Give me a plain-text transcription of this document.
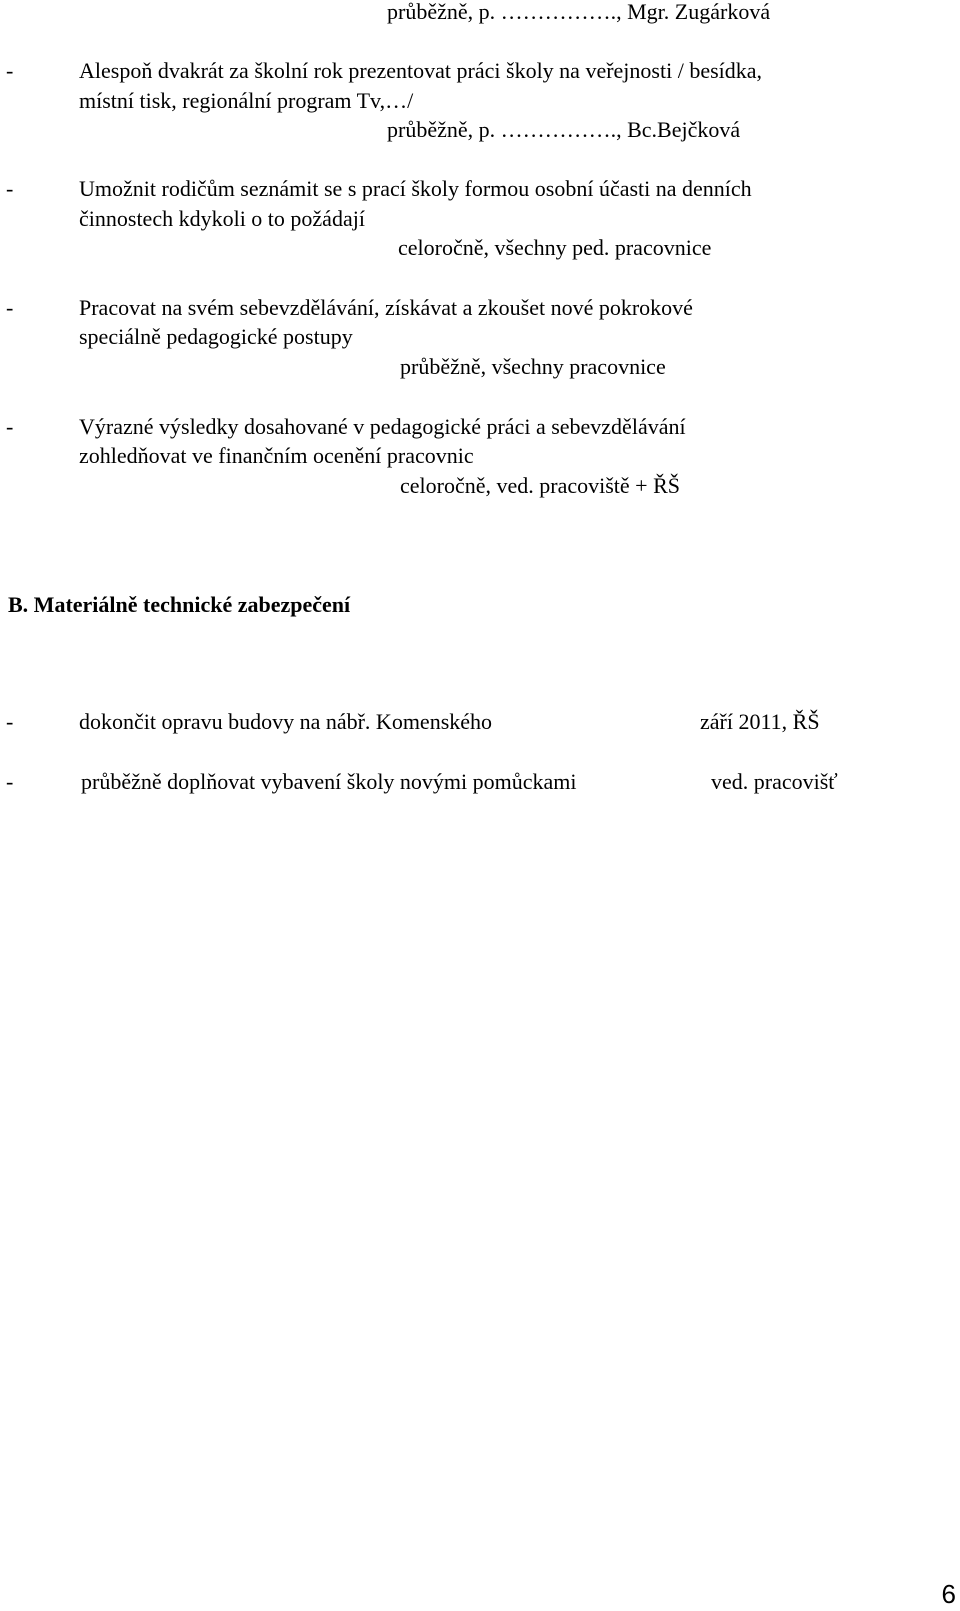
průběžně, p. ……………., Mgr. Zugárková
-	Alespoň dvakrát za školní rok prezentovat práci školy na veřejnosti / besídka,
místní tisk, regionální program Tv,…/
průběžně, p. ……………., Bc.Bejčková
-	Umožnit rodičům seznámit se s prací školy formou osobní účasti na denních
činnostech kdykoli o to požádají
celoročně, všechny ped. pracovnice
-	Pracovat na svém sebevzdělávání, získávat a zkoušet nové pokrokové
speciálně pedagogické postupy
průběžně, všechny pracovnice
-	Výrazné výsledky dosahované v pedagogické práci a sebevzdělávání
zohledňovat ve finančním ocenění pracovnic
celoročně, ved. pracoviště + ŘŠ
B. Materiálně technické zabezpečení
-	dokončit opravu budovy na nábř. Komenského	září 2011, ŘŠ
-	průběžně doplňovat vybavení školy novými pomůckami	ved. pracovišť
6
